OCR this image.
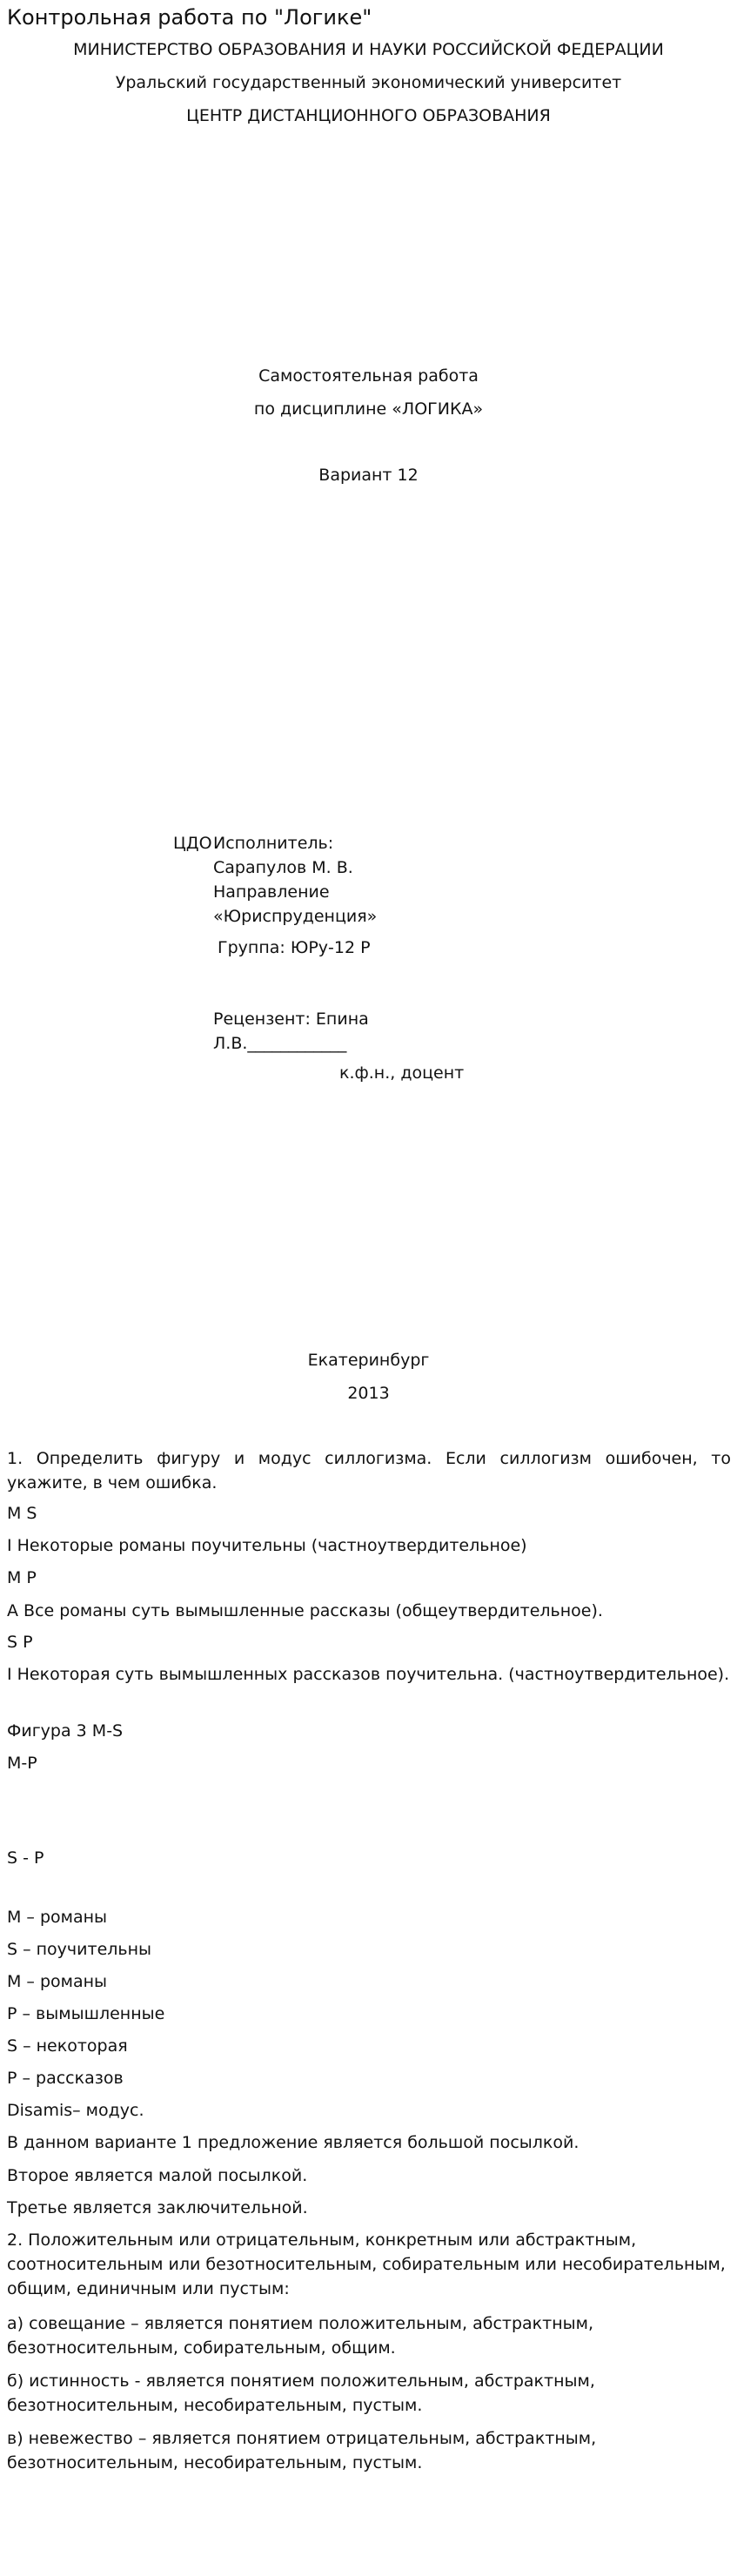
Контрольная работа по "Логике"
МИНИСТЕРСТВО ОБРАЗОВАНИЯ И НАУКИ РОССИЙСКОЙ ФЕДЕРАЦИИ
Уральский государственный экономический университет
ЦЕНТР ДИСТАНЦИОННОГО ОБРАЗОВАНИЯ
Самостоятельная работа
по дисциплине «ЛОГИКА»
Вариант 12
ЦДО Исполнитель:
Сарапулов М. В.
Направление
«Юриспруденция»
Группа: ЮРу-12 Р
Рецензент: Епина
Л.В.____________
к.ф.н., доцент
Екатеринбург
2013
1. Определить фигуру и модус силлогизма. Если силлогизм ошибочен, то укажите, в чем ошибка.
M S
I Некоторые романы поучительны (частноутвердительное)
M P
A Все романы суть вымышленные рассказы (общеутвердительное).
S P
I Некоторая суть вымышленных рассказов поучительна. (частноутвердительное).
Фигура 3 M-S
M-P
S - P
M – романы
S – поучительны
M – романы
P – вымышленные
S – некоторая
P – рассказов
Disamis– модус.
В данном варианте 1 предложение является большой посылкой.
Второе является малой посылкой.
Третье является заключительной.
2. Положительным или отрицательным, конкретным или абстрактным, соотносительным или безотносительным, собирательным или несобирательным, общим, единичным или пустым:
а) совещание – является понятием положительным, абстрактным, безотносительным, собирательным, общим.
б) истинность - является понятием положительным, абстрактным, безотносительным, несобирательным, пустым.
в) невежество – является понятием отрицательным, абстрактным, безотносительным, несобирательным, пустым.
